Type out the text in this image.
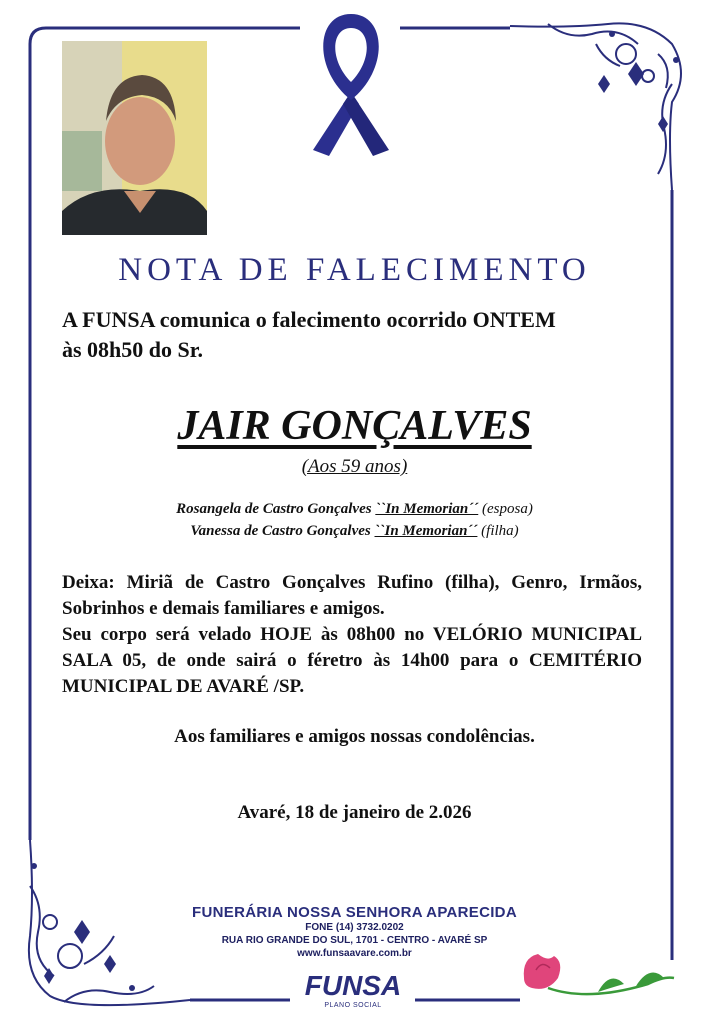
NOTA DE FALECIMENTO
A FUNSA comunica o falecimento ocorrido ONTEM
às 08h50 do Sr.
JAIR GONÇALVES
(Aos 59 anos)
Rosangela de Castro Gonçalves ``In Memorian´´ (esposa)
Vanessa de Castro Gonçalves ``In Memorian´´ (filha)

Deixa: Miriã de Castro Gonçalves Rufino (filha), Genro, Irmãos, Sobrinhos e demais familiares e amigos.

Seu corpo será velado HOJE às 08h00 no VELÓRIO MUNICIPAL SALA 05, de onde sairá o féretro às 14h00 para o CEMITÉRIO MUNICIPAL DE AVARÉ /SP.

Aos familiares e amigos nossas condolências.
Avaré, 18 de janeiro de 2.026
FUNERÁRIA NOSSA SENHORA APARECIDA
FONE (14) 3732.0202
RUA RIO GRANDE DO SUL, 1701 - CENTRO - AVARÉ SP
www.funsaavare.com.br
FUNSA
PLANO SOCIAL
